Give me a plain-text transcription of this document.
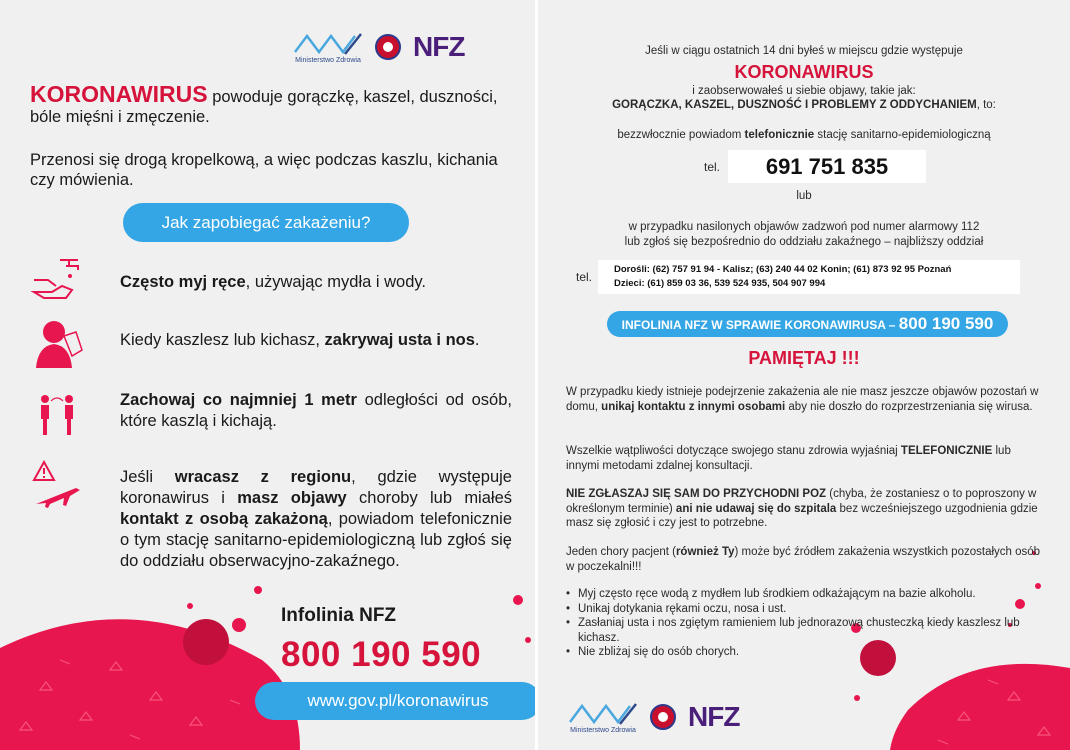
Ministerstwo Zdrowia NFZ
KORONAWIRUS powoduje gorączkę, kaszel, duszności, bóle mięśni i zmęczenie.
Przenosi się drogą kropelkową, a więc podczas kaszlu, kichania czy mówienia.
Jak zapobiegać zakażeniu?
Często myj ręce, używając mydła i wody.
Kiedy kaszlesz lub kichasz, zakrywaj usta i nos.
Zachowaj co najmniej 1 metr odległości od osób, które kaszlą i kichają.
Jeśli wracasz z regionu, gdzie występuje koronawirus i masz objawy choroby lub miałeś kontakt z osobą zakażoną, powiadom telefonicznie o tym stację sanitarno-epidemiologiczną lub zgłoś się do oddziału obserwacyjno-zakaźnego.
Infolinia NFZ
800 190 590
www.gov.pl/koronawirus
Jeśli w ciągu ostatnich 14 dni byłeś w miejscu gdzie występuje
KORONAWIRUS
i zaobserwowałeś u siebie objawy, takie jak:
GORĄCZKA, KASZEL, DUSZNOŚĆ I PROBLEMY Z ODDYCHANIEM, to:
bezzwłocznie powiadom telefonicznie stację sanitarno-epidemiologiczną
tel.	691 751 835
lub
w przypadku nasilonych objawów zadzwoń pod numer alarmowy 112
lub zgłoś się bezpośrednio do oddziału zakaźnego – najbliższy oddział
tel.
Dorośli: (62) 757 91 94 - Kalisz; (63) 240 44 02 Konin; (61) 873 92 95 Poznań
Dzieci: (61) 859 03 36, 539 524 935, 504 907 994
INFOLINIA NFZ W SPRAWIE KORONAWIRUSA – 800 190 590
PAMIĘTAJ !!!
W przypadku kiedy istnieje podejrzenie zakażenia ale nie masz jeszcze objawów pozostań w domu, unikaj kontaktu z innymi osobami aby nie doszło do rozprzestrzeniania się wirusa.
Wszelkie wątpliwości dotyczące swojego stanu zdrowia wyjaśniaj TELEFONICZNIE lub innymi metodami zdalnej konsultacji.
NIE ZGŁASZAJ SIĘ SAM DO PRZYCHODNI POZ (chyba, że zostaniesz o to poproszony w określonym terminie) ani nie udawaj się do szpitala bez wcześniejszego uzgodnienia gdzie masz się zgłosić i czy jest to potrzebne.
Jeden chory pacjent (również Ty) może być źródłem zakażenia wszystkich pozostałych osób w poczekalni!!!
• Myj często ręce wodą z mydłem lub środkiem odkażającym na bazie alkoholu.
• Unikaj dotykania rękami oczu, nosa i ust.
• Zasłaniaj usta i nos zgiętym ramieniem lub jednorazową chusteczką kiedy kaszlesz lub kichasz.
• Nie zbliżaj się do osób chorych.
Ministerstwo Zdrowia NFZ
